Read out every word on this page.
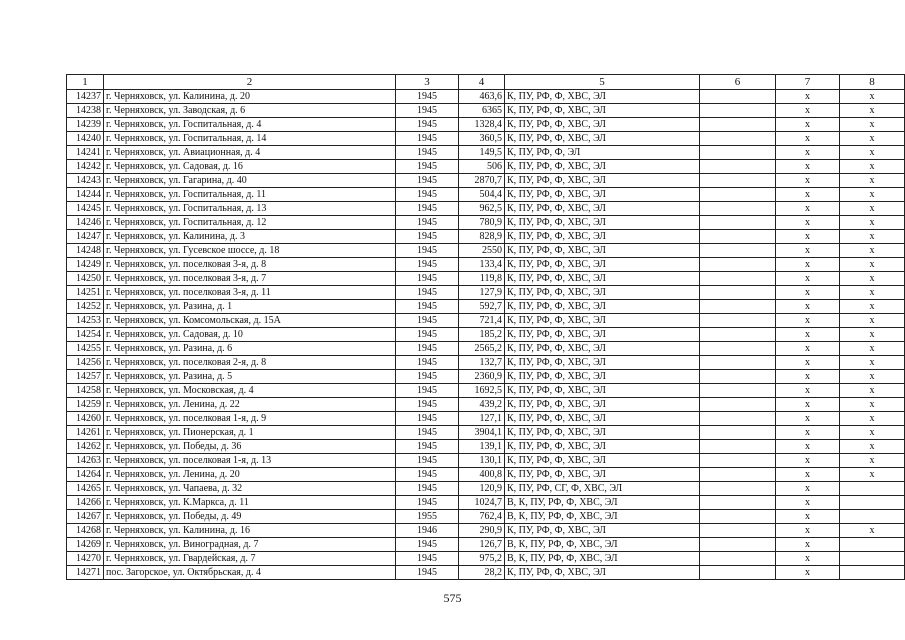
1	2	3	4	5	6	7	8
14237	г. Черняховск, ул. Калинина, д. 20	1945	463,6	К, ПУ, РФ, Ф, ХВС, ЭЛ		x	x
14238	г. Черняховск, ул. Заводская, д. 6	1945	6365	К, ПУ, РФ, Ф, ХВС, ЭЛ		x	x
14239	г. Черняховск, ул. Госпитальная, д. 4	1945	1328,4	К, ПУ, РФ, Ф, ХВС, ЭЛ		x	x
14240	г. Черняховск, ул. Госпитальная, д. 14	1945	360,5	К, ПУ, РФ, Ф, ХВС, ЭЛ		x	x
14241	г. Черняховск, ул. Авиационная, д. 4	1945	149,5	К, ПУ, РФ, Ф, ЭЛ		x	x
14242	г. Черняховск, ул. Садовая, д. 16	1945	506	К, ПУ, РФ, Ф, ХВС, ЭЛ		x	x
14243	г. Черняховск, ул. Гагарина, д. 40	1945	2870,7	К, ПУ, РФ, Ф, ХВС, ЭЛ		x	x
14244	г. Черняховск, ул. Госпитальная, д. 11	1945	504,4	К, ПУ, РФ, Ф, ХВС, ЭЛ		x	x
14245	г. Черняховск, ул. Госпитальная, д. 13	1945	962,5	К, ПУ, РФ, Ф, ХВС, ЭЛ		x	x
14246	г. Черняховск, ул. Госпитальная, д. 12	1945	780,9	К, ПУ, РФ, Ф, ХВС, ЭЛ		x	x
14247	г. Черняховск, ул. Калинина, д. 3	1945	828,9	К, ПУ, РФ, Ф, ХВС, ЭЛ		x	x
14248	г. Черняховск, ул. Гусевское шоссе, д. 18	1945	2550	К, ПУ, РФ, Ф, ХВС, ЭЛ		x	x
14249	г. Черняховск, ул. поселковая 3-я, д. 8	1945	133,4	К, ПУ, РФ, Ф, ХВС, ЭЛ		x	x
14250	г. Черняховск, ул. поселковая 3-я, д. 7	1945	119,8	К, ПУ, РФ, Ф, ХВС, ЭЛ		x	x
14251	г. Черняховск, ул. поселковая 3-я, д. 11	1945	127,9	К, ПУ, РФ, Ф, ХВС, ЭЛ		x	x
14252	г. Черняховск, ул. Разина, д. 1	1945	592,7	К, ПУ, РФ, Ф, ХВС, ЭЛ		x	x
14253	г. Черняховск, ул. Комсомольская, д. 15А	1945	721,4	К, ПУ, РФ, Ф, ХВС, ЭЛ		x	x
14254	г. Черняховск, ул. Садовая, д. 10	1945	185,2	К, ПУ, РФ, Ф, ХВС, ЭЛ		x	x
14255	г. Черняховск, ул. Разина, д. 6	1945	2565,2	К, ПУ, РФ, Ф, ХВС, ЭЛ		x	x
14256	г. Черняховск, ул. поселковая 2-я, д. 8	1945	132,7	К, ПУ, РФ, Ф, ХВС, ЭЛ		x	x
14257	г. Черняховск, ул. Разина, д. 5	1945	2360,9	К, ПУ, РФ, Ф, ХВС, ЭЛ		x	x
14258	г. Черняховск, ул. Московская, д. 4	1945	1692,5	К, ПУ, РФ, Ф, ХВС, ЭЛ		x	x
14259	г. Черняховск, ул. Ленина, д. 22	1945	439,2	К, ПУ, РФ, Ф, ХВС, ЭЛ		x	x
14260	г. Черняховск, ул. поселковая 1-я, д. 9	1945	127,1	К, ПУ, РФ, Ф, ХВС, ЭЛ		x	x
14261	г. Черняховск, ул. Пионерская, д. 1	1945	3904,1	К, ПУ, РФ, Ф, ХВС, ЭЛ		x	x
14262	г. Черняховск, ул. Победы, д. 36	1945	139,1	К, ПУ, РФ, Ф, ХВС, ЭЛ		x	x
14263	г. Черняховск, ул. поселковая 1-я, д. 13	1945	130,1	К, ПУ, РФ, Ф, ХВС, ЭЛ		x	x
14264	г. Черняховск, ул. Ленина, д. 20	1945	400,8	К, ПУ, РФ, Ф, ХВС, ЭЛ		x	x
14265	г. Черняховск, ул. Чапаева, д. 32	1945	120,9	К, ПУ, РФ, СГ, Ф, ХВС, ЭЛ		x	
14266	г. Черняховск, ул. К.Маркса, д. 11	1945	1024,7	В, К, ПУ, РФ, Ф, ХВС, ЭЛ		x	
14267	г. Черняховск, ул. Победы, д. 49	1955	762,4	В, К, ПУ, РФ, Ф, ХВС, ЭЛ		x	
14268	г. Черняховск, ул. Калинина, д. 16	1946	290,9	К, ПУ, РФ, Ф, ХВС, ЭЛ		x	x
14269	г. Черняховск, ул. Виноградная, д. 7	1945	126,7	В, К, ПУ, РФ, Ф, ХВС, ЭЛ		x	
14270	г. Черняховск, ул. Гвардейская, д. 7	1945	975,2	В, К, ПУ, РФ, Ф, ХВС, ЭЛ		x	
14271	пос. Загорское, ул. Октябрьская, д. 4	1945	28,2	К, ПУ, РФ, Ф, ХВС, ЭЛ		x	
575
